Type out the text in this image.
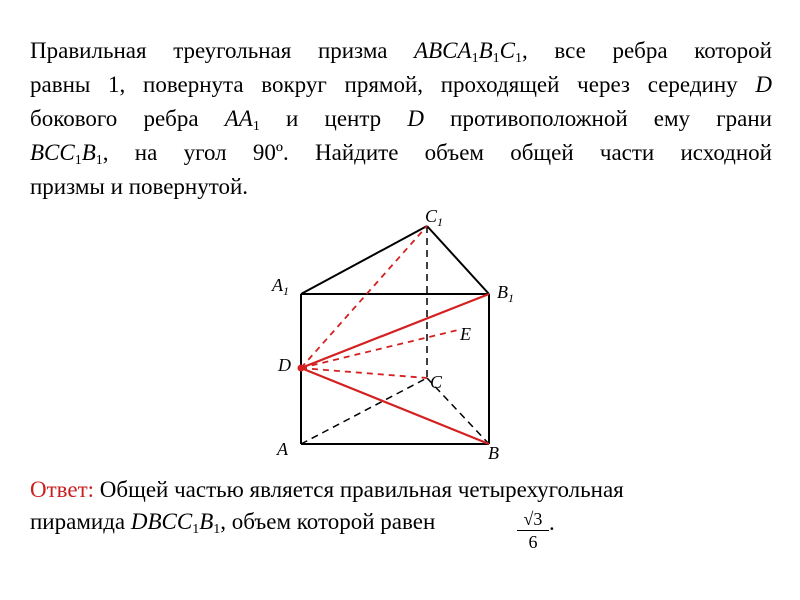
Правильная треугольная призма $ABCA_1B_1C_1$, все ребра которой
равны 1, повернута вокруг прямой, проходящей через середину D
бокового ребра $AA_1$ и центр D противоположной ему грани
$BCC_1B_1$, на угол 90º. Найдите объем общей части исходной
призмы и повернутой.
$C_1$
$A_1$	$B_1$
E
D
C
A	B
Ответ: Общей частью является правильная четырехугольная
пирамида $DBCC_1B_1$, объем которой равен	$\frac{√3}{6}$ .
